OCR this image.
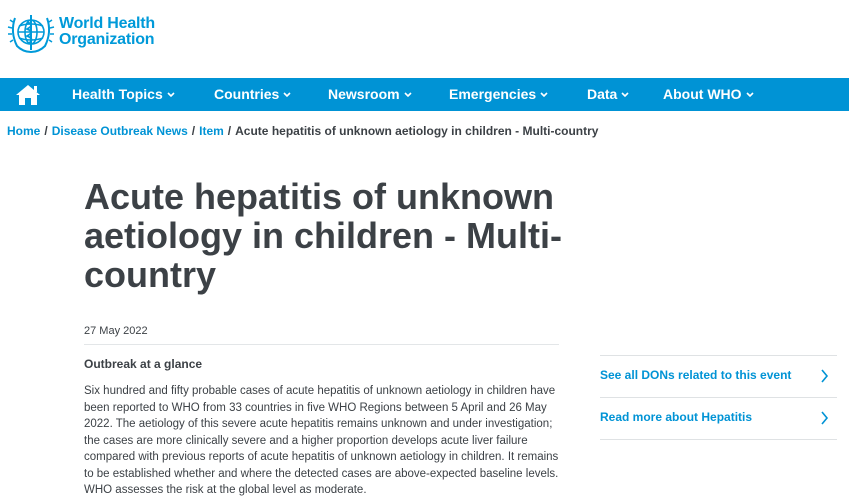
World Health
Organization
Health Topics	Countries	Newsroom	Emergencies	Data	About WHO
Home / Disease Outbreak News / Item / Acute hepatitis of unknown aetiology in children - Multi-country
Acute hepatitis of unknown aetiology in children - Multi-country
27 May 2022
Outbreak at a glance

Six hundred and fifty probable cases of acute hepatitis of unknown aetiology in children have been reported to WHO from 33 countries in five WHO Regions between 5 April and 26 May 2022. The aetiology of this severe acute hepatitis remains unknown and under investigation; the cases are more clinically severe and a higher proportion develops acute liver failure compared with previous reports of acute hepatitis of unknown aetiology in children. It remains to be established whether and where the detected cases are above-expected baseline levels. WHO assesses the risk at the global level as moderate.

See all DONs related to this event
Read more about Hepatitis
